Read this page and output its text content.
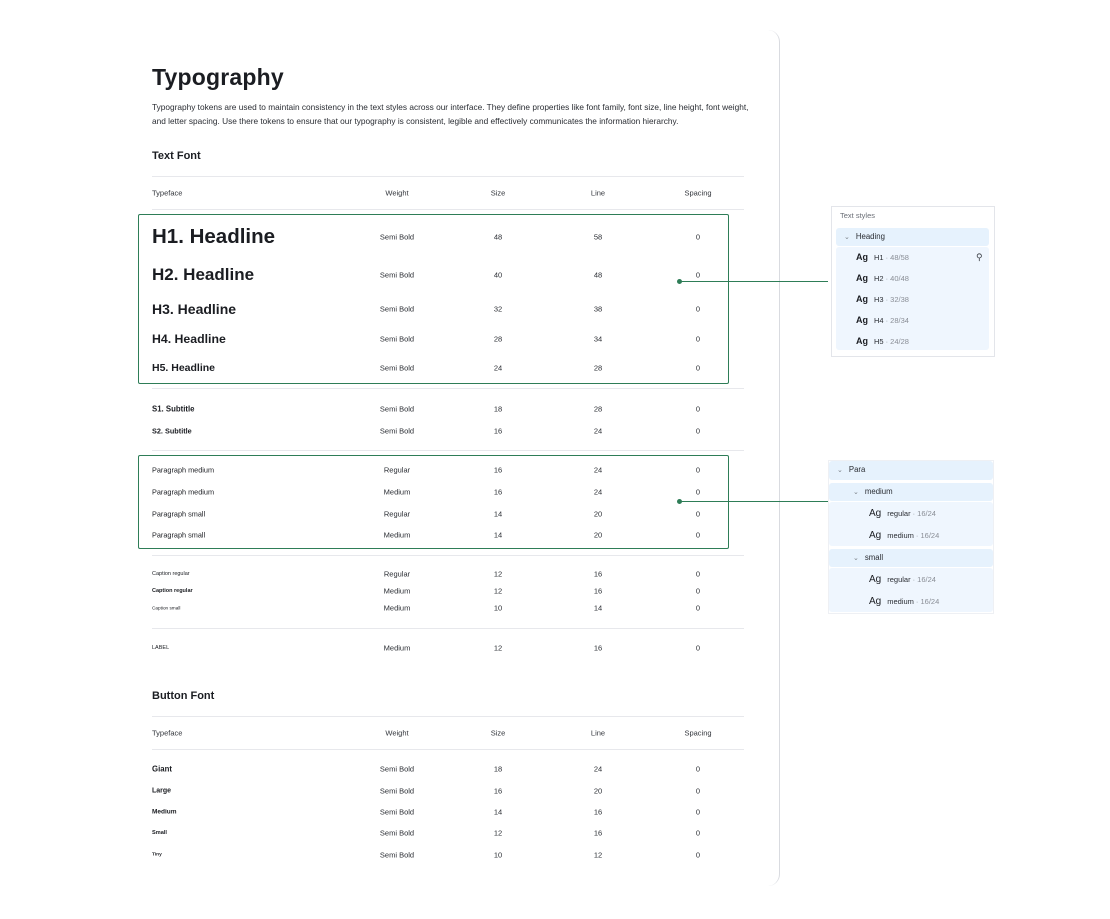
Typography
Typography tokens are used to maintain consistency in the text styles across our interface. They define properties like font family, font size, line height, font weight, and letter spacing. Use there tokens to ensure that our typography is consistent, legible and effectively communicates the information hierarchy.
Text Font
Typeface	Weight	Size	Line	Spacing
H1. Headline	Semi Bold	48	58	0
H2. Headline	Semi Bold	40	48	0
H3. Headline	Semi Bold	32	38	0
H4. Headline	Semi Bold	28	34	0
H5. Headline	Semi Bold	24	28	0
S1. Subtitle	Semi Bold	18	28	0
S2. Subtitle	Semi Bold	16	24	0
Paragraph medium	Regular	16	24	0
Paragraph medium	Medium	16	24	0
Paragraph small	Regular	14	20	0
Paragraph small	Medium	14	20	0
Caption regular	Regular	12	16	0
Caption regular	Medium	12	16	0
Caption small	Medium	10	14	0
LABEL	Medium	12	16	0
Button Font
Typeface	Weight	Size	Line	Spacing
Giant	Semi Bold	18	24	0
Large	Semi Bold	16	20	0
Medium	Semi Bold	14	16	0
Small	Semi Bold	12	16	0
Tiny	Semi Bold	10	12	0
Text styles
⌄ Heading
Ag H1 · 48/58
Ag H2 · 40/48
Ag H3 · 32/38
Ag H4 · 28/34
Ag H5 · 24/28
⚲
⌄ Para
⌄ medium
⌄ small
Ag regular · 16/24
Ag medium · 16/24
Ag regular · 16/24
Ag medium · 16/24
